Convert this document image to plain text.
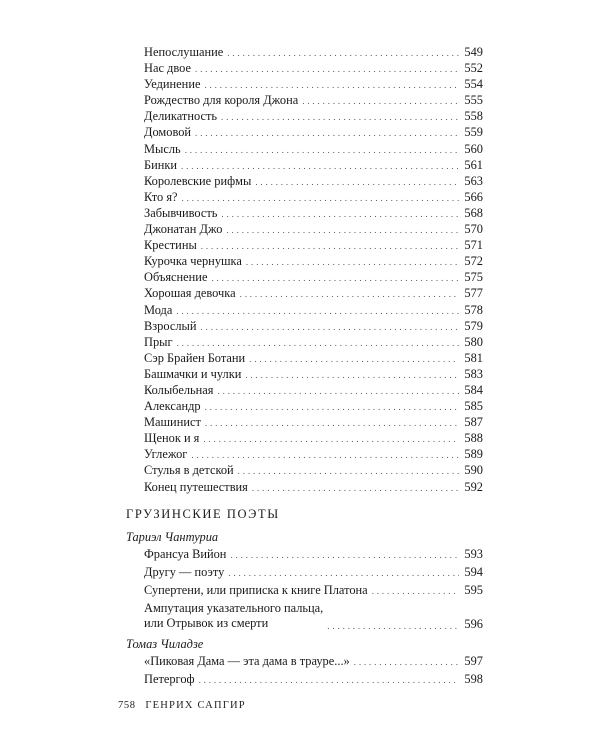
Непослушание . . .	549
Нас двое . . .	552
Уединение . . .	554
Рождество для короля Джона . . .	555
Деликатность . . .	558
Домовой . . .	559
Мысль . . .	560
Бинки . . .	561
Королевские рифмы . . .	563
Кто я? . . .	566
Забывчивость . . .	568
Джонатан Джо . . .	570
Крестины . . .	571
Курочка чернушка . . .	572
Объяснение . . .	575
Хорошая девочка . . .	577
Мода . . .	578
Взрослый . . .	579
Прыг . . .	580
Сэр Брайен Ботани . . .	581
Башмачки и чулки . . .	583
Колыбельная . . .	584
Александр . . .	585
Машинист . . .	587
Щенок и я . . .	588
Углежог . . .	589
Стулья в детской . . .	590
Конец путешествия . . .	592
ГРУЗИНСКИЕ ПОЭТЫ
Тариэл Чантуриа
Франсуа Вийон . . .	593
Другу — поэту . . .	594
Супертени, или приписка к книге Платона . . .	595
Ампутация указательного пальца,
или Отрывок из смерти . . .	596
Томаз Чиладзе
«Пиковая Дама — эта дама в трауре...» . . .	597
Петергоф . . .	598
758 ГЕНРИХ САПГИР
